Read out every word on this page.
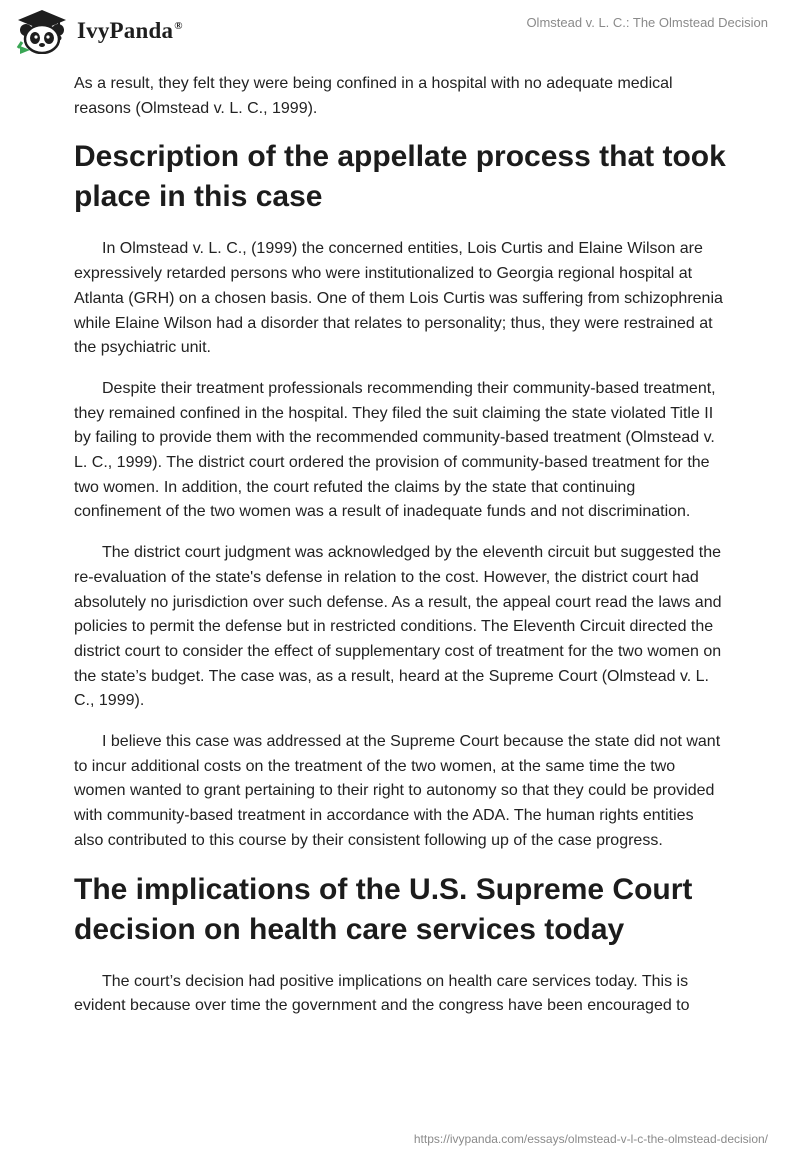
IvyPanda®	Olmstead v. L. C.: The Olmstead Decision

As a result, they felt they were being confined in a hospital with no adequate medical reasons (Olmstead v. L. C., 1999).

Description of the appellate process that took place in this case

In Olmstead v. L. C., (1999) the concerned entities, Lois Curtis and Elaine Wilson are expressively retarded persons who were institutionalized to Georgia regional hospital at Atlanta (GRH) on a chosen basis. One of them Lois Curtis was suffering from schizophrenia while Elaine Wilson had a disorder that relates to personality; thus, they were restrained at the psychiatric unit.

Despite their treatment professionals recommending their community-based treatment, they remained confined in the hospital. They filed the suit claiming the state violated Title II by failing to provide them with the recommended community-based treatment (Olmstead v. L. C., 1999). The district court ordered the provision of community-based treatment for the two women. In addition, the court refuted the claims by the state that continuing confinement of the two women was a result of inadequate funds and not discrimination.

The district court judgment was acknowledged by the eleventh circuit but suggested the re-evaluation of the state's defense in relation to the cost. However, the district court had absolutely no jurisdiction over such defense. As a result, the appeal court read the laws and policies to permit the defense but in restricted conditions. The Eleventh Circuit directed the district court to consider the effect of supplementary cost of treatment for the two women on the state’s budget. The case was, as a result, heard at the Supreme Court (Olmstead v. L. C., 1999).

I believe this case was addressed at the Supreme Court because the state did not want to incur additional costs on the treatment of the two women, at the same time the two women wanted to grant pertaining to their right to autonomy so that they could be provided with community-based treatment in accordance with the ADA. The human rights entities also contributed to this course by their consistent following up of the case progress.

The implications of the U.S. Supreme Court decision on health care services today

The court’s decision had positive implications on health care services today. This is evident because over time the government and the congress have been encouraged to

https://ivypanda.com/essays/olmstead-v-l-c-the-olmstead-decision/
